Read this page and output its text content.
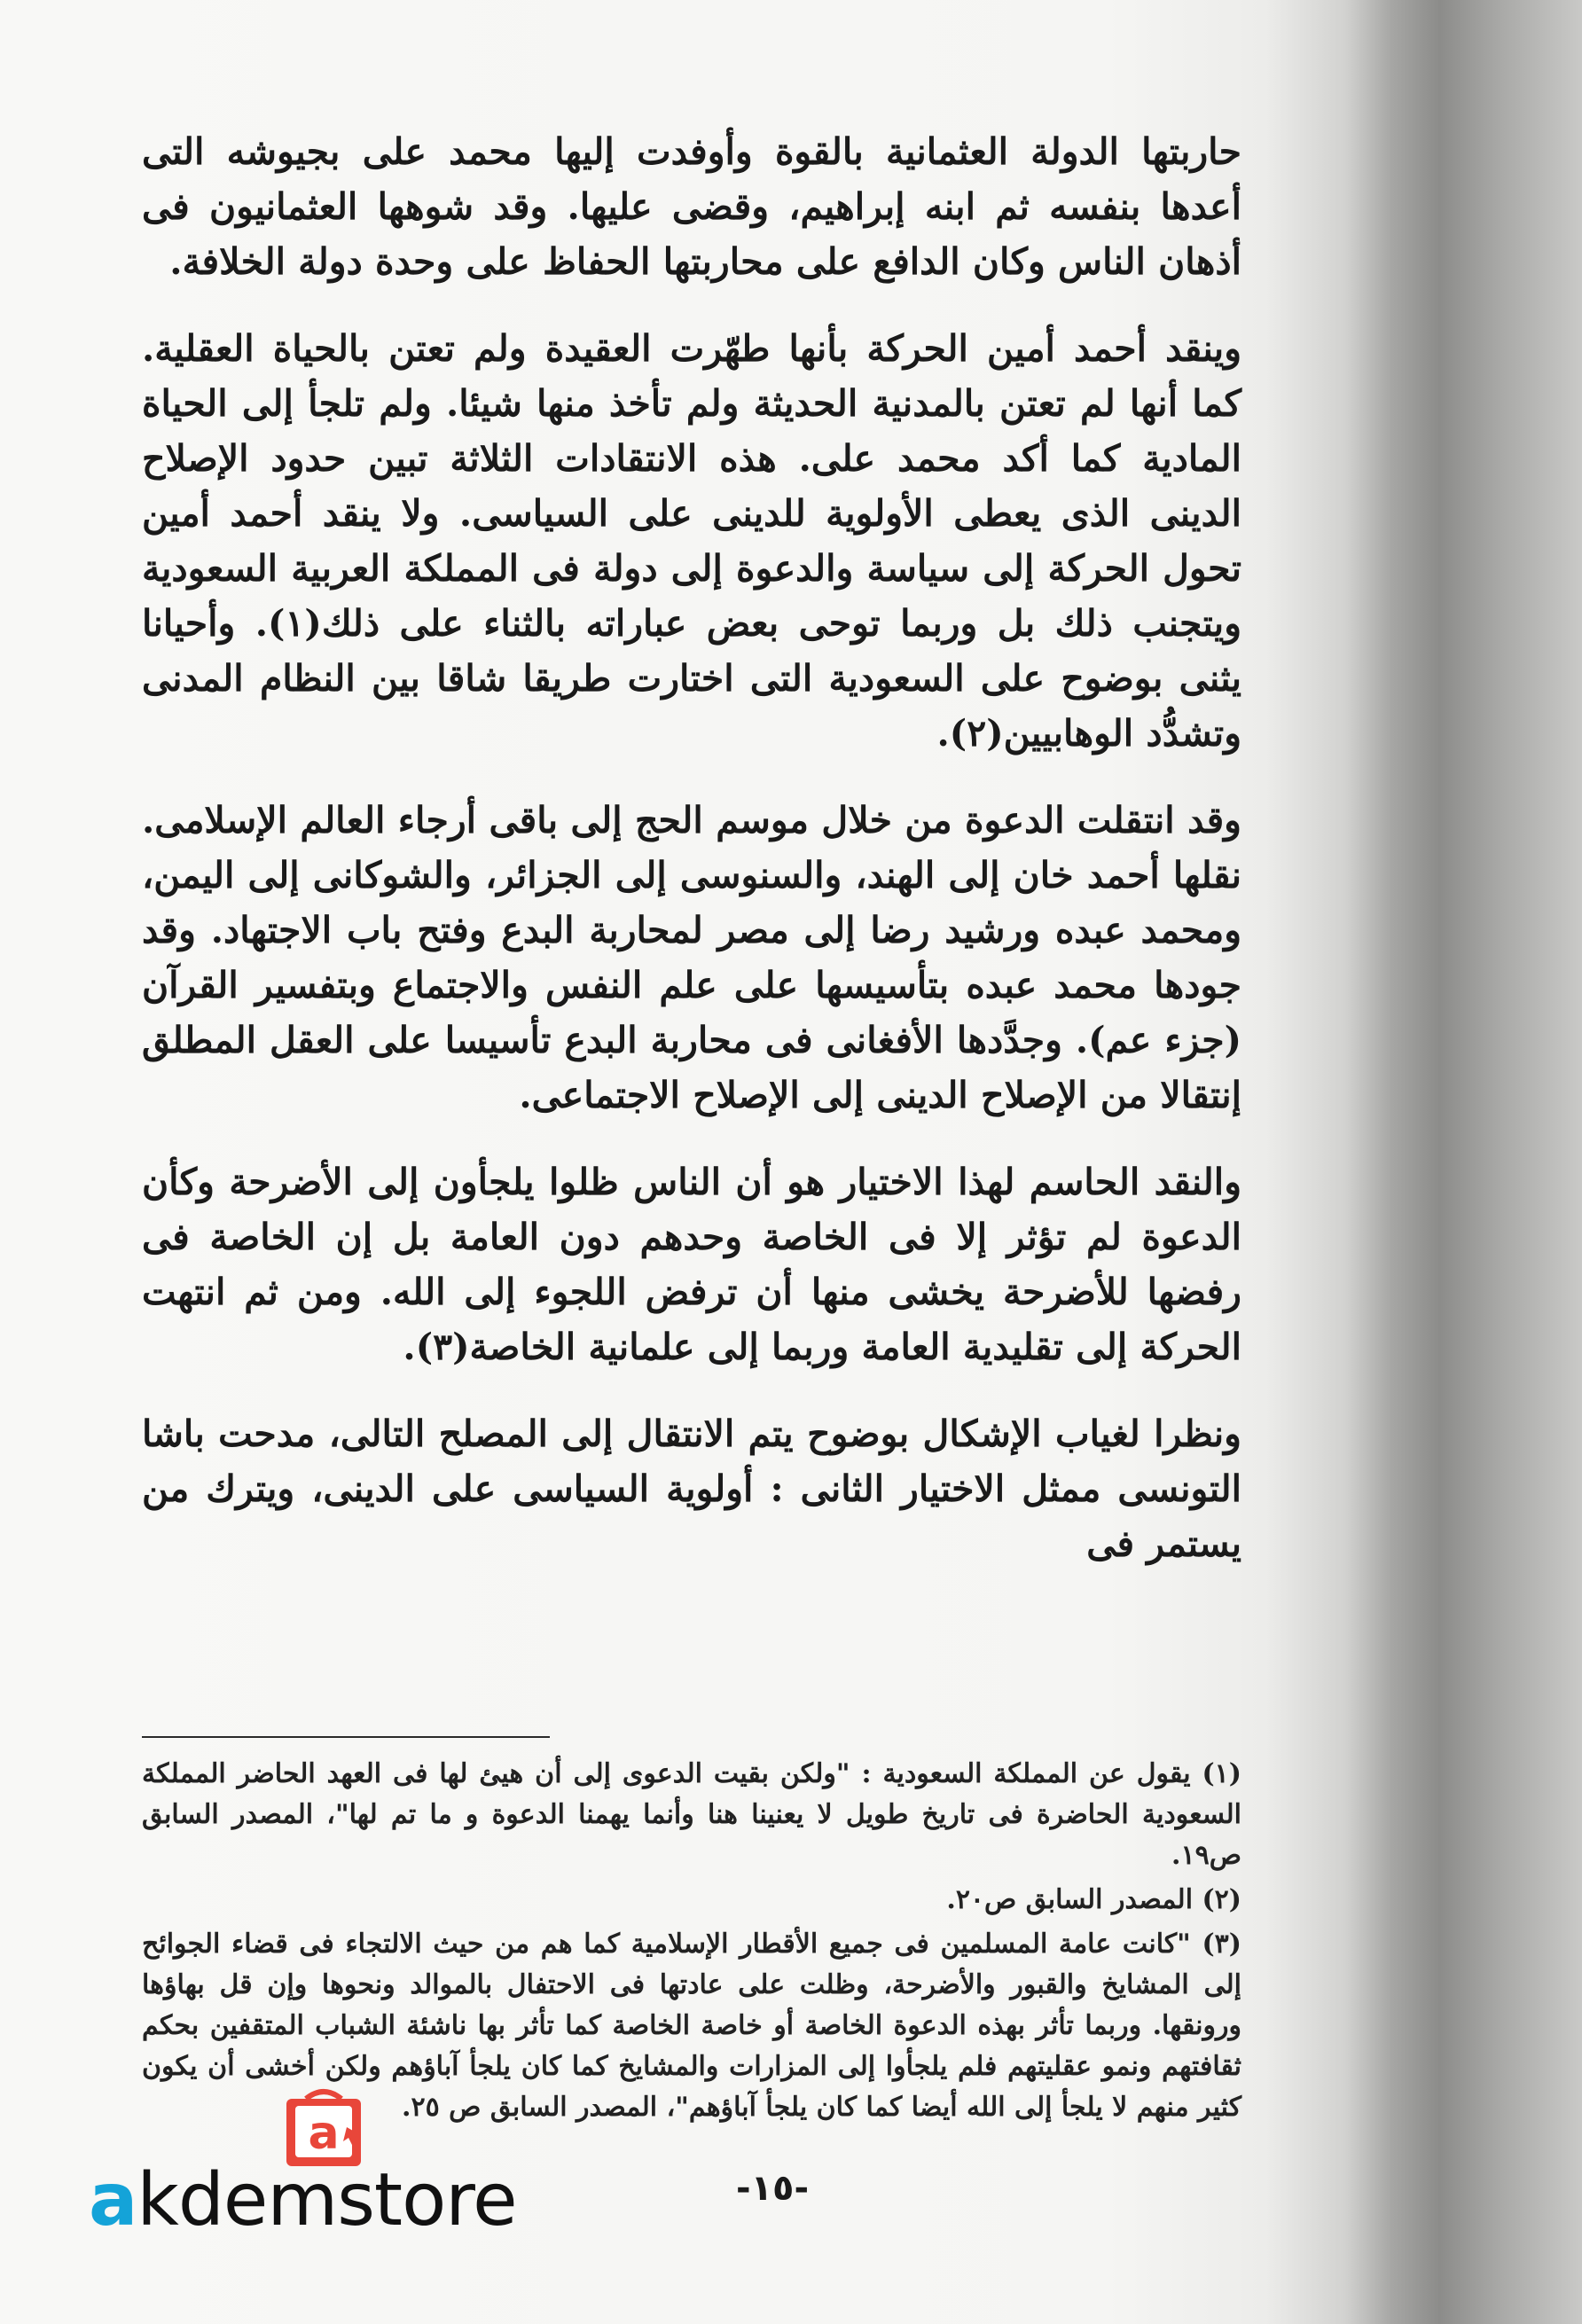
حاربتها الدولة العثمانية بالقوة وأوفدت إليها محمد على بجيوشه التى أعدها بنفسه ثم ابنه إبراهيم، وقضى عليها. وقد شوهها العثمانيون فى أذهان الناس وكان الدافع على محاربتها الحفاظ على وحدة دولة الخلافة.

وينقد أحمد أمين الحركة بأنها طهّرت العقيدة ولم تعتن بالحياة العقلية. كما أنها لم تعتن بالمدنية الحديثة ولم تأخذ منها شيئا. ولم تلجأ إلى الحياة المادية كما أكد محمد على. هذه الانتقادات الثلاثة تبين حدود الإصلاح الدينى الذى يعطى الأولوية للدينى على السياسى. ولا ينقد أحمد أمين تحول الحركة إلى سياسة والدعوة إلى دولة فى المملكة العربية السعودية ويتجنب ذلك بل وربما توحى بعض عباراته بالثناء على ذلك(١). وأحيانا يثنى بوضوح على السعودية التى اختارت طريقا شاقا بين النظام المدنى وتشدُّد الوهابيين(٢).

وقد انتقلت الدعوة من خلال موسم الحج إلى باقى أرجاء العالم الإسلامى. نقلها أحمد خان إلى الهند، والسنوسى إلى الجزائر، والشوكانى إلى اليمن، ومحمد عبده ورشيد رضا إلى مصر لمحاربة البدع وفتح باب الاجتهاد. وقد جودها محمد عبده بتأسيسها على علم النفس والاجتماع وبتفسير القرآن (جزء عم). وجدَّدها الأفغانى فى محاربة البدع تأسيسا على العقل المطلق إنتقالا من الإصلاح الدينى إلى الإصلاح الاجتماعى.

والنقد الحاسم لهذا الاختيار هو أن الناس ظلوا يلجأون إلى الأضرحة وكأن الدعوة لم تؤثر إلا فى الخاصة وحدهم دون العامة بل إن الخاصة فى رفضها للأضرحة يخشى منها أن ترفض اللجوء إلى الله. ومن ثم انتهت الحركة إلى تقليدية العامة وربما إلى علمانية الخاصة(٣).

ونظرا لغياب الإشكال بوضوح يتم الانتقال إلى المصلح التالى، مدحت باشا التونسى ممثل الاختيار الثانى : أولوية السياسى على الدينى، ويترك من يستمر فى

(١) يقول عن المملكة السعودية : "ولكن بقيت الدعوى إلى أن هيئ لها فى العهد الحاضر المملكة السعودية الحاضرة فى تاريخ طويل لا يعنينا هنا وأنما يهمنا الدعوة و ما تم لها"، المصدر السابق ص١٩.

(٢) المصدر السابق ص٢٠.

(٣) "كانت عامة المسلمين فى جميع الأقطار الإسلامية كما هم من حيث الالتجاء فى قضاء الجوائح إلى المشايخ والقبور والأضرحة، وظلت على عادتها فى الاحتفال بالموالد ونحوها وإن قل بهاؤها ورونقها. وربما تأثر بهذه الدعوة الخاصة أو خاصة الخاصة كما تأثر بها ناشئة الشباب المتقفين بحكم ثقافتهم ونمو عقليتهم فلم يلجأوا إلى المزارات والمشايخ كما كان يلجأ آباؤهم ولكن أخشى أن يكون كثير منهم لا يلجأ إلى الله أيضا كما كان يلجأ آباؤهم"، المصدر السابق ص ٢٥.

-١٥-
a
akdemstore
